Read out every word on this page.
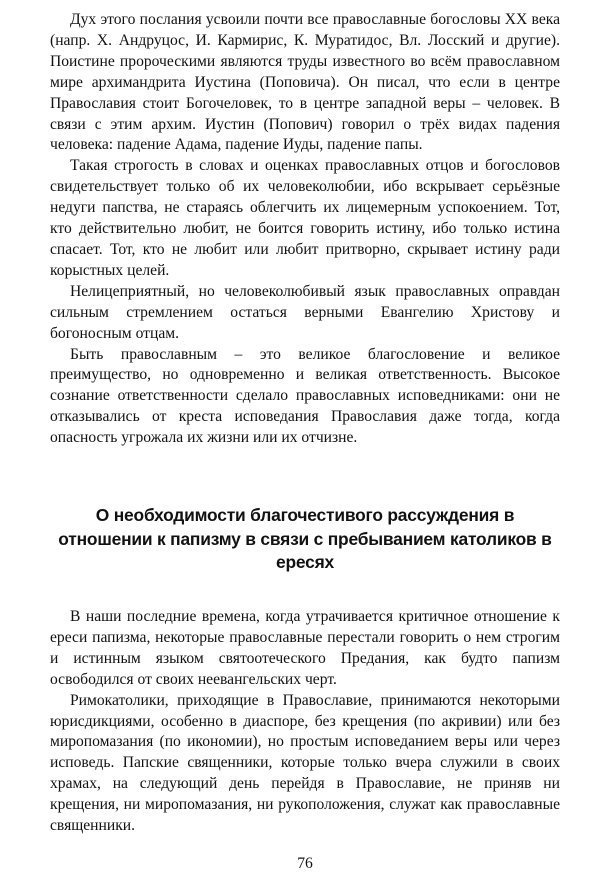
Дух этого послания усвоили почти все православные богословы XX века (напр. X. Андруцос, И. Кармирис, К. Муратидос, Вл. Лосский и другие). Поистине пророческими являются труды известного во всём православном мире архимандрита Иустина (Поповича). Он писал, что если в центре Православия стоит Богочеловек, то в центре западной веры – человек. В связи с этим архим. Иустин (Попович) говорил о трёх видах падения человека: падение Адама, падение Иуды, падение папы.

Такая строгость в словах и оценках православных отцов и богословов свидетельствует только об их человеколюбии, ибо вскрывает серьёзные недуги папства, не стараясь облегчить их лицемерным успокоением. Тот, кто действительно любит, не боится говорить истину, ибо только истина спасает. Тот, кто не любит или любит притворно, скрывает истину ради корыстных целей.

Нелицеприятный, но человеколюбивый язык православных оправдан сильным стремлением остаться верными Евангелию Христову и богоносным отцам.

Быть православным – это великое благословение и великое преимущество, но одновременно и великая ответственность. Высокое сознание ответственности сделало православных исповедниками: они не отказывались от креста исповедания Православия даже тогда, когда опасность угрожала их жизни или их отчизне.

О необходимости благочестивого рассуждения в отношении к папизму в связи с пребыванием католиков в ересях

В наши последние времена, когда утрачивается критичное отношение к ереси папизма, некоторые православные перестали говорить о нем строгим и истинным языком святоотеческого Предания, как будто папизм освободился от своих неевангельских черт.

Римокатолики, приходящие в Православие, принимаются некоторыми юрисдикциями, особенно в диаспоре, без крещения (по акривии) или без миропомазания (по икономии), но простым исповеданием веры или через исповедь. Папские священники, которые только вчера служили в своих храмах, на следующий день перейдя в Православие, не приняв ни крещения, ни миропомазания, ни рукоположения, служат как православные священники.

76
